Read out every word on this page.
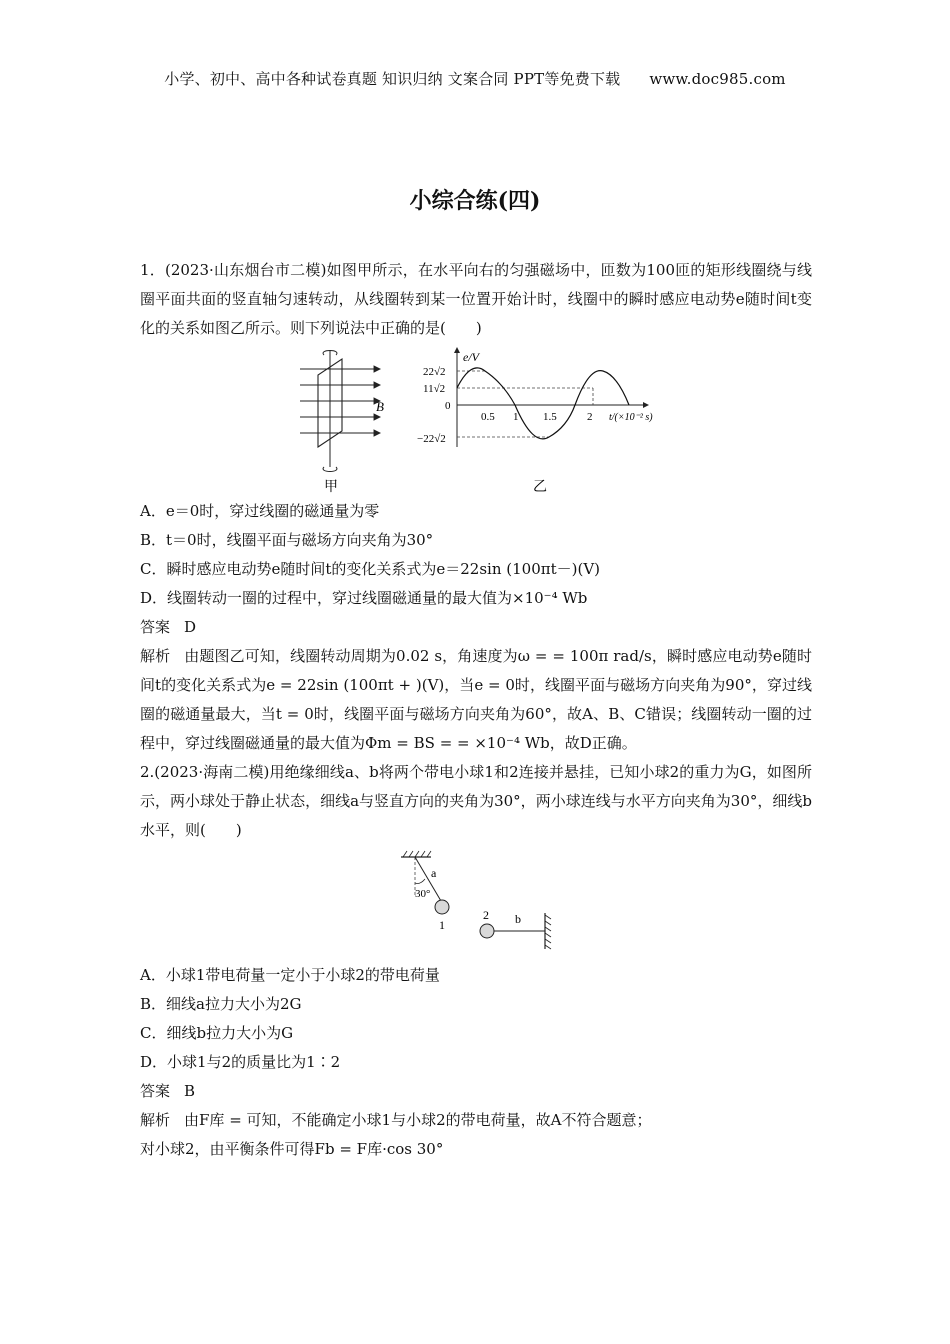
小学、初中、高中各种试卷真题 知识归纳 文案合同 PPT等免费下载 www.doc985.com
小综合练(四)

1．(2023·山东烟台市二模)如图甲所示，在水平向右的匀强磁场中，匝数为100匝的矩形线圈绕与线圈平面共面的竖直轴匀速转动，从线圈转到某一位置开始计时，线圈中的瞬时感应电动势e随时间t变化的关系如图乙所示。则下列说法中正确的是(　　)

B
甲
e/V
22√2
11√2
0
−22√2
0.5 1 1.5	2 t/(×10⁻² s)
乙

A．e＝0时，穿过线圈的磁通量为零

B．t＝0时，线圈平面与磁场方向夹角为30°

C．瞬时感应电动势e随时间t的变化关系式为e＝22sin (100πt－)(V)

D．线圈转动一圈的过程中，穿过线圈磁通量的最大值为×10⁻⁴ Wb

答案 D

解析 由题图乙可知，线圈转动周期为0.02 s，角速度为ω = = 100π rad/s，瞬时感应电动势e随时间t的变化关系式为e = 22sin (100πt + )(V)，当e = 0时，线圈平面与磁场方向夹角为90°，穿过线圈的磁通量最大，当t = 0时，线圈平面与磁场方向夹角为60°，故A、B、C错误；线圈转动一圈的过程中，穿过线圈磁通量的最大值为Φm = BS = = ×10⁻⁴ Wb，故D正确。

2.(2023·海南二模)用绝缘细线a、b将两个带电小球1和2连接并悬挂，已知小球2的重力为G，如图所示，两小球处于静止状态，细线a与竖直方向的夹角为30°，两小球连线与水平方向夹角为30°，细线b水平，则(　　)

30°
a
1
2 b

A．小球1带电荷量一定小于小球2的带电荷量

B．细线a拉力大小为2G

C．细线b拉力大小为G

D．小球1与2的质量比为1∶2

答案 B

解析 由F库 = 可知，不能确定小球1与小球2的带电荷量，故A不符合题意；

对小球2，由平衡条件可得Fb = F库·cos 30°
